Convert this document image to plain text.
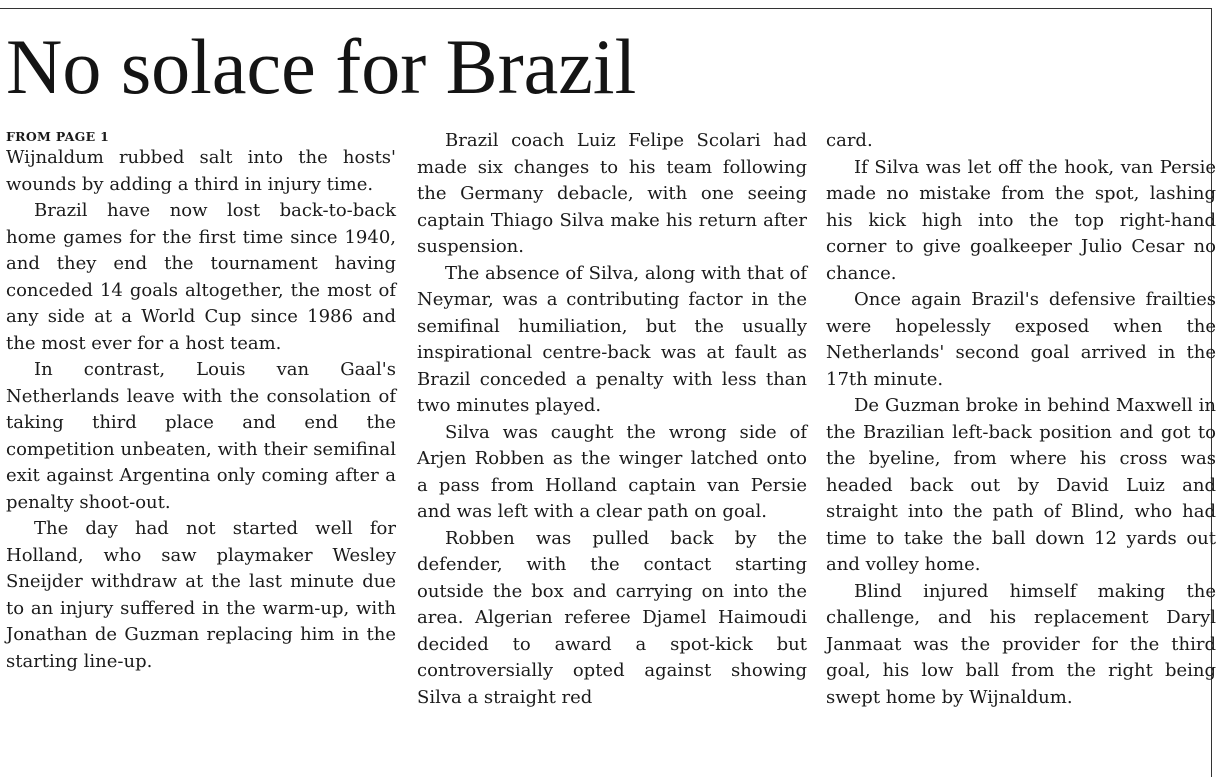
No solace for Brazil
FROM PAGE 1

Wijnaldum rubbed salt into the hosts' wounds by adding a third in injury time.

Brazil have now lost back-to-back home games for the first time since 1940, and they end the tournament having conceded 14 goals altogether, the most of any side at a World Cup since 1986 and the most ever for a host team.

In contrast, Louis van Gaal's Netherlands leave with the consolation of taking third place and end the competition unbeaten, with their semifinal exit against Argentina only coming after a penalty shoot-out.

The day had not started well for Holland, who saw playmaker Wesley Sneijder withdraw at the last minute due to an injury suffered in the warm-up, with Jonathan de Guzman replacing him in the starting line-up.

Brazil coach Luiz Felipe Scolari had made six changes to his team following the Germany debacle, with one seeing captain Thiago Silva make his return after suspension.

The absence of Silva, along with that of Neymar, was a contributing factor in the semifinal humiliation, but the usually inspirational centre-back was at fault as Brazil conceded a penalty with less than two minutes played.

Silva was caught the wrong side of Arjen Robben as the winger latched onto a pass from Holland captain van Persie and was left with a clear path on goal.

Robben was pulled back by the defender, with the contact starting outside the box and carrying on into the area. Algerian referee Djamel Haimoudi decided to award a spot-kick but controversially opted against showing Silva a straight red

card.

If Silva was let off the hook, van Persie made no mistake from the spot, lashing his kick high into the top right-hand corner to give goalkeeper Julio Cesar no chance.

Once again Brazil's defensive frailties were hopelessly exposed when the Netherlands' second goal arrived in the 17th minute.

De Guzman broke in behind Maxwell in the Brazilian left-back position and got to the byeline, from where his cross was headed back out by David Luiz and straight into the path of Blind, who had time to take the ball down 12 yards out and volley home.

Blind injured himself making the challenge, and his replacement Daryl Janmaat was the provider for the third goal, his low ball from the right being swept home by Wijnaldum.
